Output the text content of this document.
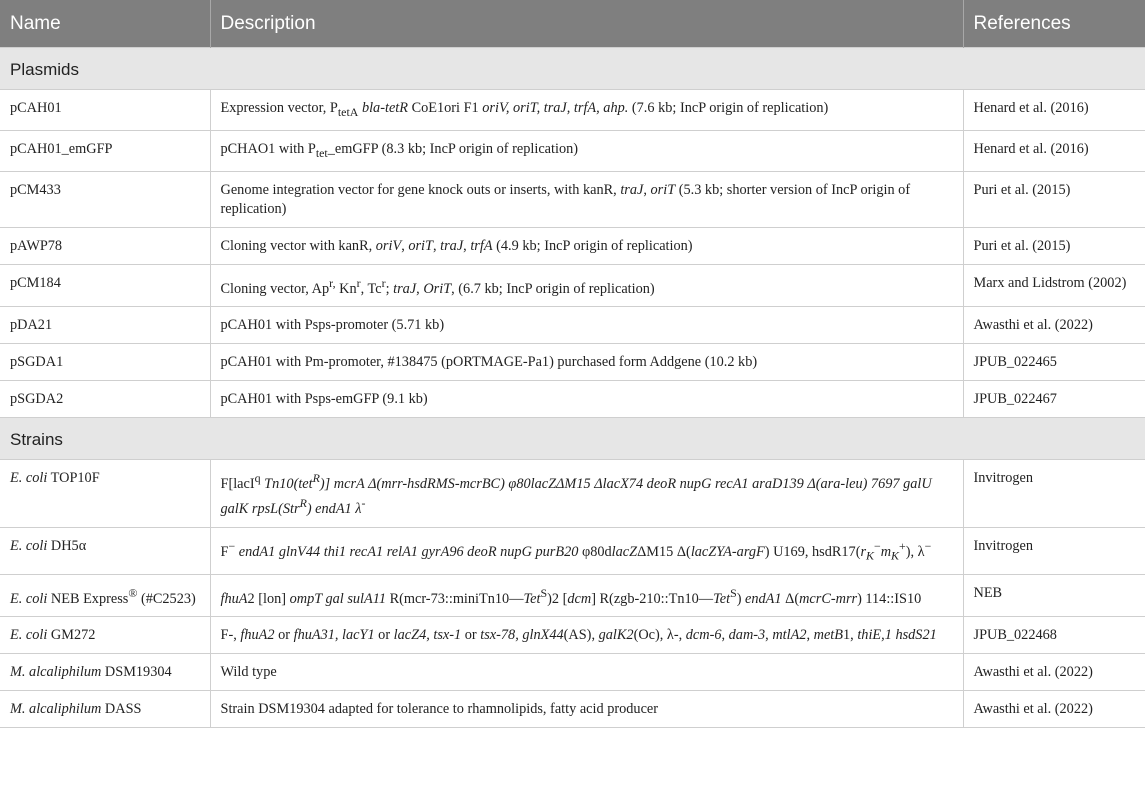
Name	Description	References
Plasmids		
pCAH01	Expression vector, $P_{tetA}$ bla-tetR CoE1ori F1 oriV, oriT, traJ, trfA, ahp. (7.6 kb; IncP origin of replication)	Henard et al. (2016)
pCAH01_emGFP	pCHAO1 with $P_{tet}\_emGFP$ (8.3 kb; IncP origin of replication)	Henard et al. (2016)
pCM433	Genome integration vector for gene knock outs or inserts, with kanR, traJ, oriT (5.3 kb; shorter version of IncP origin of replication)	Puri et al. (2015)
pAWP78	Cloning vector with kanR, oriV, oriT, traJ, trfA (4.9 kb; IncP origin of replication)	Puri et al. (2015)
pCM184	Cloning vector, $Ap^{r,}$ Kn$^r$, Tc$^r$; traJ, OriT, (6.7 kb; IncP origin of replication)	Marx and Lidstrom (2002)
pDA21	pCAH01 with Psps-promoter (5.71 kb)	Awasthi et al. (2022)
pSGDA1	pCAH01 with Pm-promoter, #138475 (pORTMAGE-Pa1) purchased form Addgene (10.2 kb)	JPUB_022465
pSGDA2	pCAH01 with Psps-emGFP (9.1 kb)	JPUB_022467
Strains		
E. coli TOP10F	F[lacI$^q$ Tn10(tet$^R$)] mcrA Δ(mrr-hsdRMS-mcrBC) φ80lacZΔM15 ΔlacX74 deoR nupG recA1 araD139 Δ(ara-leu) 7697 galU galK rpsL(Str$^R$) endA1 λ-	Invitrogen
E. coli DH5α	F− endA1 glnV44 thi1 recA1 relA1 gyrA96 deoR nupG purB20 φ80dlacZΔM15 Δ(lacZYA-argF) U169, $hsdR17(r_K^-m_K^+)$, λ−	Invitrogen
E. coli NEB Express® (#C2523)	fhuA2 [lon] ompT gal sulA11 R(mcr-73::miniTn10—Tet$^S$)2 [dcm] R(zgb-210::Tn10—Tet$^S$) endA1 Δ(mcrC-mrr) 114::IS10	NEB
E. coli GM272	F-, fhuA2 or fhuA31, lacY1 or lacZ4, tsx-1 or tsx-78, glnX44(AS), galK2(Oc), λ-, dcm-6, dam-3, mtlA2, metB1, thiE,1 hsdS21	JPUB_022468
M. alcaliphilum DSM19304	Wild type	Awasthi et al. (2022)
M. alcaliphilum DASS	Strain DSM19304 adapted for tolerance to rhamnolipids, fatty acid producer	Awasthi et al. (2022)
